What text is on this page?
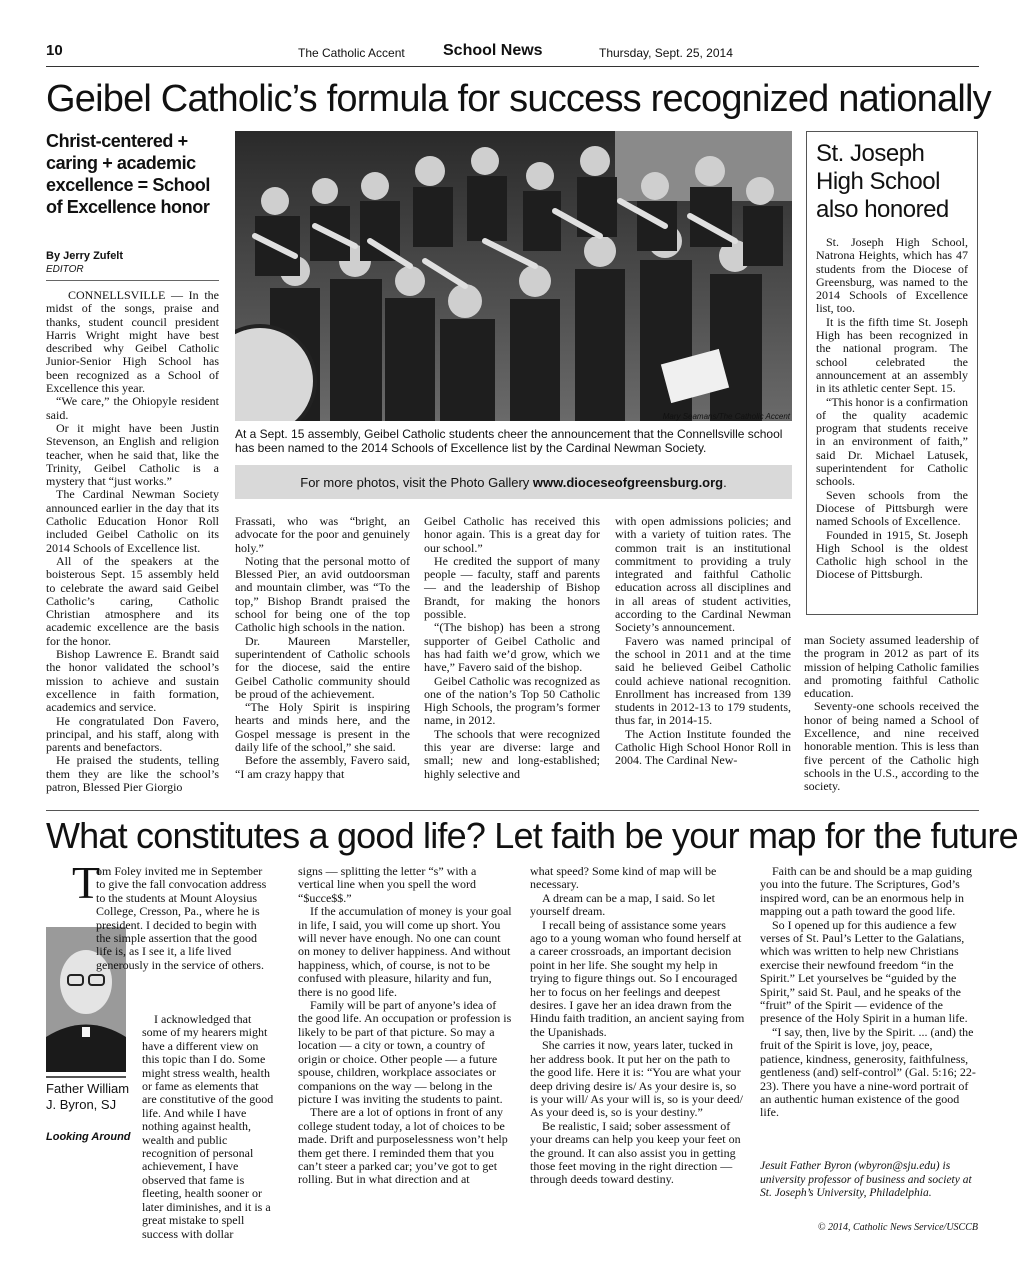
10	The Catholic Accent School News	Thursday, Sept. 25, 2014
Geibel Catholic’s formula for success recognized nationally
Christ-centered + caring + academic excellence = School of Excellence honor
By Jerry Zufelt
EDITOR

CONNELLSVILLE — In the midst of the songs, praise and thanks, student council president Harris Wright might have best described why Geibel Catholic Junior-Senior High School has been recognized as a School of Excellence this year.

“We care,” the Ohiopyle resident said.

Or it might have been Justin Stevenson, an English and religion teacher, when he said that, like the Trinity, Geibel Catholic is a mystery that “just works.”

The Cardinal Newman Society announced earlier in the day that its Catholic Education Honor Roll included Geibel Catholic on its 2014 Schools of Excellence list.

All of the speakers at the boisterous Sept. 15 assembly held to celebrate the award said Geibel Catholic’s caring, Catholic Christian atmosphere and its academic excellence are the basis for the honor.

Bishop Lawrence E. Brandt said the honor validated the school’s mission to achieve and sustain excellence in faith formation, academics and service.

He congratulated Don Favero, principal, and his staff, along with parents and benefactors.

He praised the students, telling them they are like the school’s patron, Blessed Pier Giorgio

Mary Seamans/The Catholic Accent
At a Sept. 15 assembly, Geibel Catholic students cheer the announcement that the Connellsville school has been named to the 2014 Schools of Excellence list by the Cardinal Newman Society.
For more photos, visit the Photo Gallery www.dioceseofgreensburg.org.

Frassati, who was “bright, an advocate for the poor and genuinely holy.”

Noting that the personal motto of Blessed Pier, an avid outdoorsman and mountain climber, was “To the top,” Bishop Brandt praised the school for being one of the top Catholic high schools in the nation.

Dr. Maureen Marsteller, superintendent of Catholic schools for the diocese, said the entire Geibel Catholic community should be proud of the achievement.

“The Holy Spirit is inspiring hearts and minds here, and the Gospel message is present in the daily life of the school,” she said.

Before the assembly, Favero said, “I am crazy happy that

Geibel Catholic has received this honor again. This is a great day for our school.”

He credited the support of many people — faculty, staff and parents — and the leadership of Bishop Brandt, for making the honors possible.

“(The bishop) has been a strong supporter of Geibel Catholic and has had faith we’d grow, which we have,” Favero said of the bishop.

Geibel Catholic was recognized as one of the nation’s Top 50 Catholic High Schools, the program’s former name, in 2012.

The schools that were recognized this year are diverse: large and small; new and long-established; highly selective and

with open admissions policies; and with a variety of tuition rates. The common trait is an institutional commitment to providing a truly integrated and faithful Catholic education across all disciplines and in all areas of student activities, according to the Cardinal Newman Society’s announcement.

Favero was named principal of the school in 2011 and at the time said he believed Geibel Catholic could achieve national recognition. Enrollment has increased from 139 students in 2012-13 to 179 students, thus far, in 2014-15.

The Action Institute founded the Catholic High School Honor Roll in 2004. The Cardinal New-

man Society assumed leadership of the program in 2012 as part of its mission of helping Catholic families and promoting faithful Catholic education.

Seventy-one schools received the honor of being named a School of Excellence, and nine received honorable mention. This is less than five percent of the Catholic high schools in the U.S., according to the society.

St. Joseph High School also honored

St. Joseph High School, Natrona Heights, which has 47 students from the Diocese of Greensburg, was named to the 2014 Schools of Excellence list, too.

It is the fifth time St. Joseph High has been recognized in the national program. The school celebrated the announcement at an assembly in its athletic center Sept. 15.

“This honor is a confirmation of the quality academic program that students receive in an environment of faith,” said Dr. Michael Latusek, superintendent for Catholic schools.

Seven schools from the Diocese of Pittsburgh were named Schools of Excellence.

Founded in 1915, St. Joseph High School is the oldest Catholic high school in the Diocese of Pittsburgh.

What constitutes a good life? Let faith be your map for the future
T
Father William J. Byron, SJ
Looking Around

om Foley invited me in September to give the fall convocation address to the students at Mount Aloysius College, Cresson, Pa., where he is president. I decided to begin with the simple assertion that the good life is, as I see it, a life lived generously in the service of others.

I acknowledged that some of my hearers might have a different view on this topic than I do. Some might stress wealth, health or fame as elements that are constitutive of the good life. And while I have nothing against health, wealth and public recognition of personal achievement, I have observed that fame is fleeting, health sooner or later diminishes, and it is a great mistake to spell success with dollar

signs — splitting the letter “s” with a vertical line when you spell the word “$ucce$$.”

If the accumulation of money is your goal in life, I said, you will come up short. You will never have enough. No one can count on money to deliver happiness. And without happiness, which, of course, is not to be confused with pleasure, hilarity and fun, there is no good life.

Family will be part of anyone’s idea of the good life. An occupation or profession is likely to be part of that picture. So may a location — a city or town, a country of origin or choice. Other people — a future spouse, children, workplace associates or companions on the way — belong in the picture I was inviting the students to paint.

There are a lot of options in front of any college student today, a lot of choices to be made. Drift and purposelessness won’t help them get there. I reminded them that you can’t steer a parked car; you’ve got to get rolling. But in what direction and at

what speed? Some kind of map will be necessary.

A dream can be a map, I said. So let yourself dream.

I recall being of assistance some years ago to a young woman who found herself at a career crossroads, an important decision point in her life. She sought my help in trying to figure things out. So I encouraged her to focus on her feelings and deepest desires. I gave her an idea drawn from the Hindu faith tradition, an ancient saying from the Upanishads.

She carries it now, years later, tucked in her address book. It put her on the path to the good life. Here it is: “You are what your deep driving desire is/ As your desire is, so is your will/ As your will is, so is your deed/ As your deed is, so is your destiny.”

Be realistic, I said; sober assessment of your dreams can help you keep your feet on the ground. It can also assist you in getting those feet moving in the right direction — through deeds toward destiny.

Faith can be and should be a map guiding you into the future. The Scriptures, God’s inspired word, can be an enormous help in mapping out a path toward the good life.

So I opened up for this audience a few verses of St. Paul’s Letter to the Galatians, which was written to help new Christians exercise their newfound freedom “in the Spirit.” Let yourselves be “guided by the Spirit,” said St. Paul, and he speaks of the “fruit” of the Spirit — evidence of the presence of the Holy Spirit in a human life.

“I say, then, live by the Spirit. ... (and) the fruit of the Spirit is love, joy, peace, patience, kindness, generosity, faithfulness, gentleness (and) self-control” (Gal. 5:16; 22-23). There you have a nine-word portrait of an authentic human existence of the good life.

Jesuit Father Byron (wbyron@sju.edu) is university professor of business and society at St. Joseph’s University, Philadelphia.
© 2014, Catholic News Service/USCCB
